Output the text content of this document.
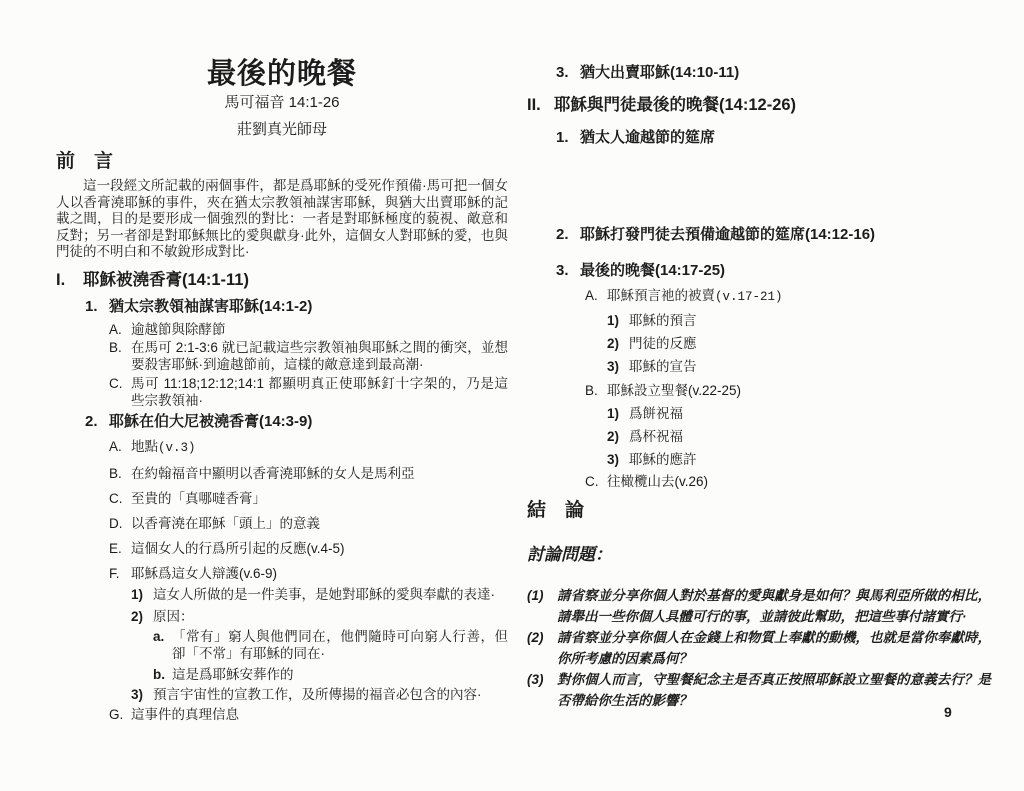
最後的晚餐
馬可福音 14:1-26
莊劉真光師母
前　言

這一段經文所記載的兩個事件，都是爲耶穌的受死作預備·馬可把一個女人以香膏澆耶穌的事件，夾在猶太宗教領袖謀害耶穌，與猶大出賣耶穌的記載之間，目的是要形成一個強烈的對比：一者是對耶穌極度的藐視、敵意和反對；另一者卻是對耶穌無比的愛與獻身·此外，這個女人對耶穌的愛，也與門徒的不明白和不敏銳形成對比·

I.	耶穌被澆香膏(14:1-11)
1. 猶太宗教領袖謀害耶穌(14:1-2)
A. 逾越節與除酵節
B. 在馬可 2:1-3:6 就已記載這些宗教領袖與耶穌之間的衝突，並想要殺害耶穌·到逾越節前，這樣的敵意達到最高潮·
C. 馬可 11:18;12:12;14:1 都顯明真正使耶穌釘十字架的，乃是這些宗教領袖·
2. 耶穌在伯大尼被澆香膏(14:3-9)
A. 地點(v.3)
B. 在約翰福音中顯明以香膏澆耶穌的女人是馬利亞
C. 至貴的「真哪噠香膏」
D. 以香膏澆在耶穌「頭上」的意義
E. 這個女人的行爲所引起的反應(v.4-5)
F. 耶穌爲這女人辯護(v.6-9)
1) 這女人所做的是一件美事，是她對耶穌的愛與奉獻的表達·
2) 原因：
a. 「常有」窮人與他們同在，他們隨時可向窮人行善，但卻「不常」有耶穌的同在·
b. 這是爲耶穌安葬作的
3) 預言宇宙性的宣教工作，及所傳揚的福音必包含的內容·
G. 這事件的真理信息
3. 猶大出賣耶穌(14:10-11)
II. 耶穌與門徒最後的晚餐(14:12-26)
1. 猶太人逾越節的筵席
2. 耶穌打發門徒去預備逾越節的筵席(14:12-16)
3. 最後的晚餐(14:17-25)
A. 耶穌預言祂的被賣(v.17-21)
1) 耶穌的預言
2) 門徒的反應
3) 耶穌的宣告
B. 耶穌設立聖餐(v.22-25)
1) 爲餅祝福
2) 爲杯祝福
3) 耶穌的應許
C. 往橄欖山去(v.26)
結　論
討論問題：
(1)	請省察並分享你個人對於基督的愛與獻身是如何？與馬利亞所做的相比，請舉出一些你個人具體可行的事，並請彼此幫助，把這些事付諸實行·
(2)	請省察並分享你個人在金錢上和物質上奉獻的動機，也就是當你奉獻時，你所考慮的因素爲何？
(3)	對你個人而言，守聖餐紀念主是否真正按照耶穌設立聖餐的意義去行？是否帶給你生活的影響？
9
